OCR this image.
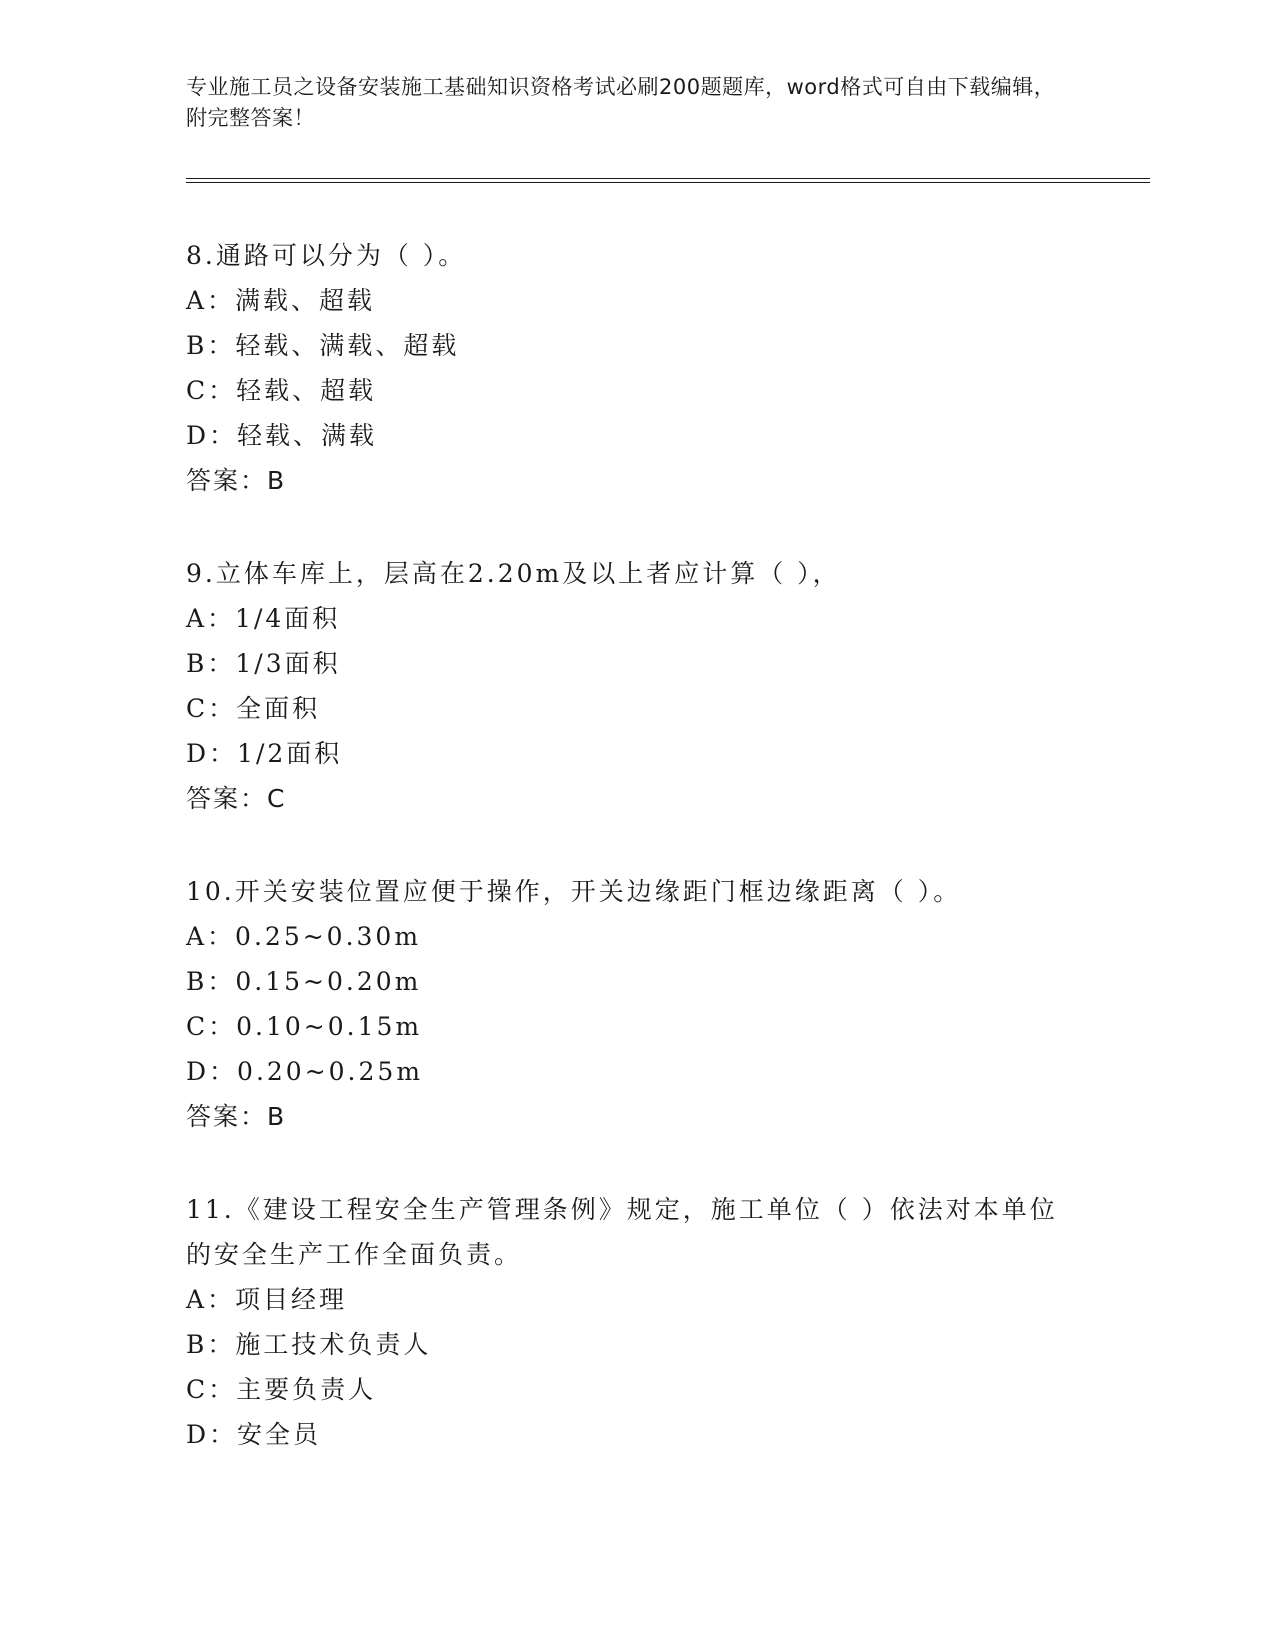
专业施工员之设备安装施工基础知识资格考试必刷200题题库，word格式可自由下载编辑，附完整答案！
8.通路可以分为（ ）。
A：满载、超载
B：轻载、满载、超载
C：轻载、超载
D：轻载、满载
答案：B
9.立体车库上，层高在2.20m及以上者应计算（ ），
A：1/4面积
B：1/3面积
C：全面积
D：1/2面积
答案：C
10.开关安装位置应便于操作，开关边缘距门框边缘距离（ ）。
A：0.25~0.30m
B：0.15~0.20m
C：0.10~0.15m
D：0.20~0.25m
答案：B
11.《建设工程安全生产管理条例》规定，施工单位（ ）依法对本单位的安全生产工作全面负责。
A：项目经理
B：施工技术负责人
C：主要负责人
D：安全员
